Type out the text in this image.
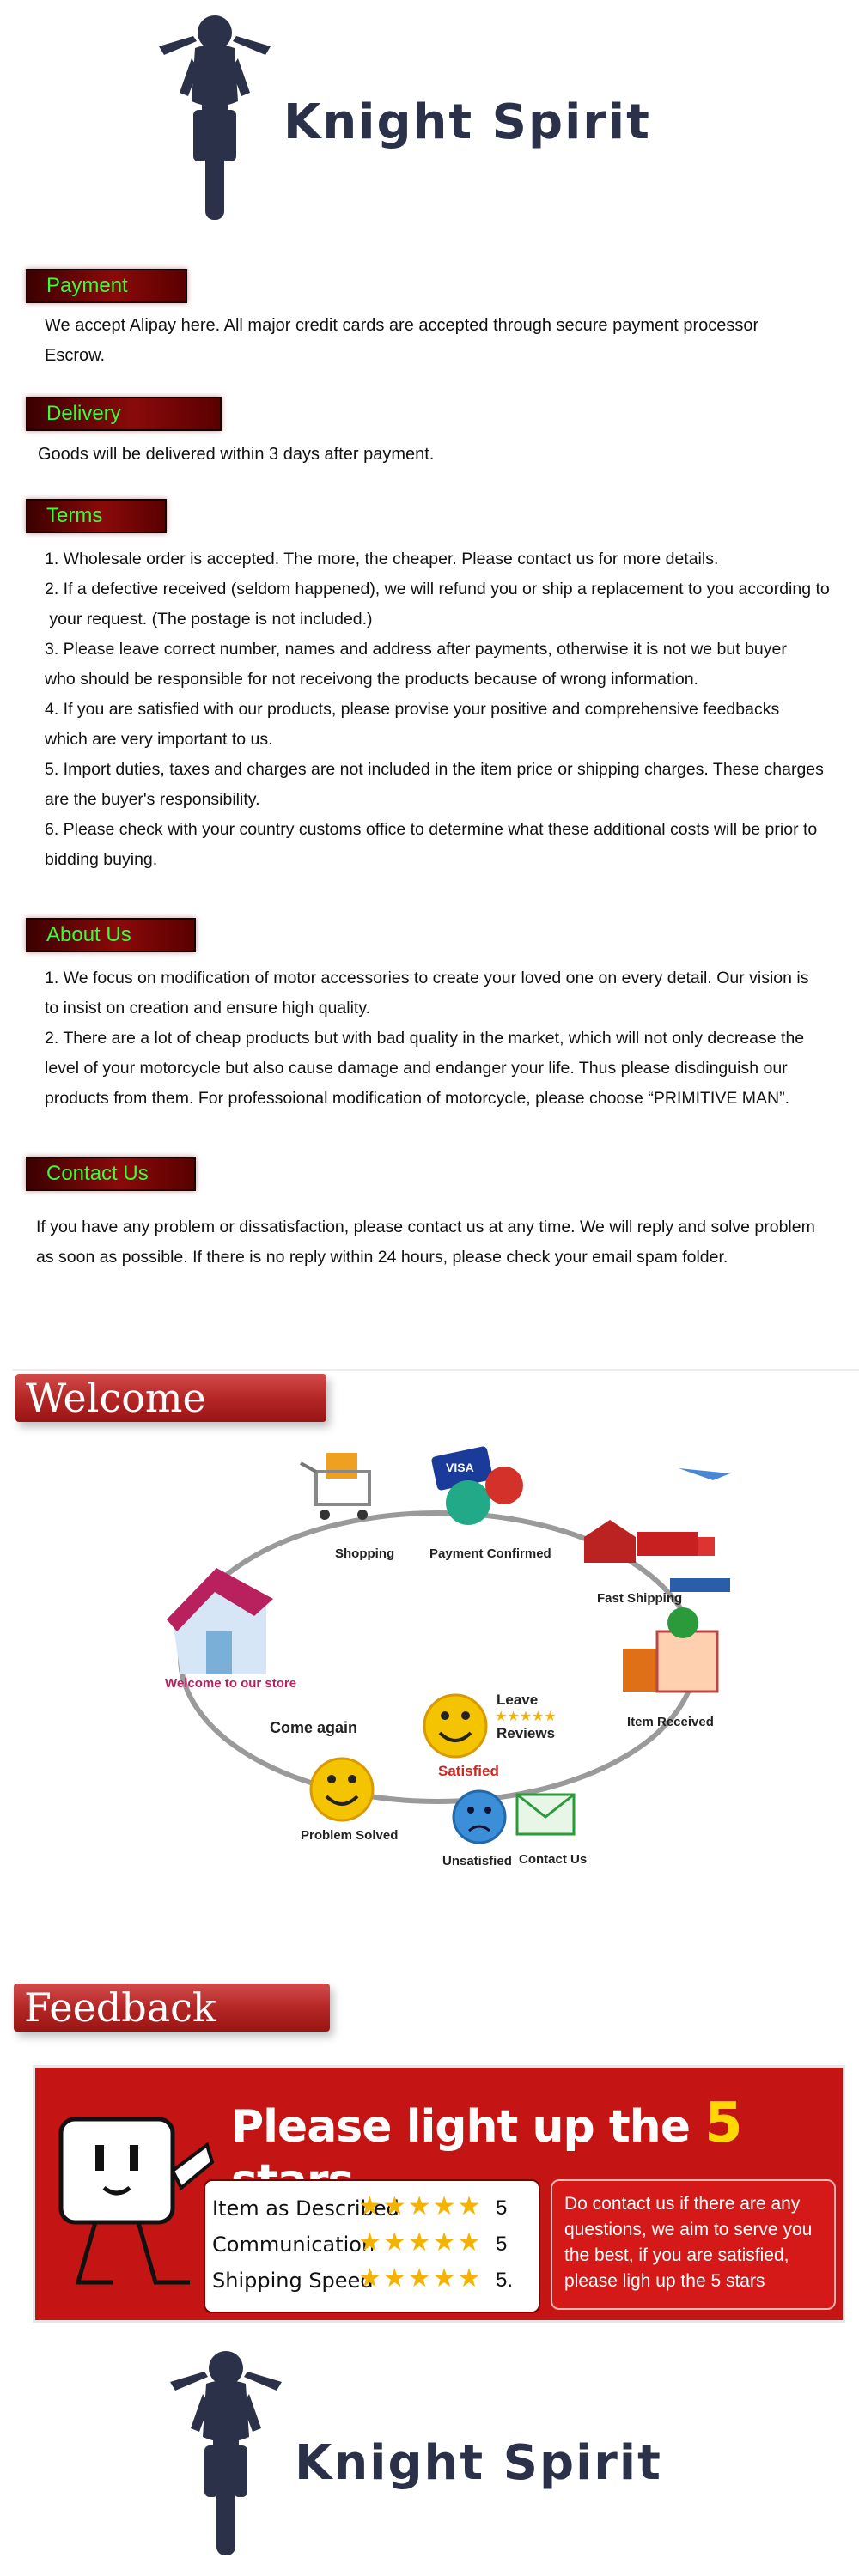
Knight Spirit
Payment

We accept Alipay here. All major credit cards are accepted through secure payment processor

Escrow.

Delivery

Goods will be delivered within 3 days after payment.

Terms

1. Wholesale order is accepted. The more, the cheaper. Please contact us for more details.

2. If a defective received (seldom happened), we will refund you or ship a replacement to you according to

your request. (The postage is not included.)

3. Please leave correct number, names and address after payments, otherwise it is not we but buyer

who should be responsible for not receivong the products because of wrong information.

4. If you are satisfied with our products, please provise your positive and comprehensive feedbacks

which are very important to us.

5. Import duties, taxes and charges are not included in the item price or shipping charges. These charges

are the buyer's responsibility.

6. Please check with your country customs office to determine what these additional costs will be prior to

bidding buying.

About Us

1. We focus on modification of motor accessories to create your loved one on every detail. Our vision is

to insist on creation and ensure high quality.

2. There are a lot of cheap products but with bad quality in the market, which will not only decrease the

level of your motorcycle but also cause damage and endanger your life. Thus please disdinguish our

products from them. For professoional modification of motorcycle, please choose “PRIMITIVE MAN”.

Contact Us

If you have any problem or dissatisfaction, please contact us at any time. We will reply and solve problem

as soon as possible. If there is no reply within 24 hours, please check your email spam folder.

Welcome
Shopping
VISA
Payment Confirmed
Fast Shipping
Welcome to our store
Item Received
Leave
★★★★★
Reviews
Come again
Satisfied
Problem Solved
Unsatisfied Contact Us
Feedback
Please light up the 5
Item as Described
★★★★★ 5
Communication
★★★★★ 5
Shipping Speed
★★★★★ 5.
Do contact us if there are any questions, we aim to serve you the best, if you are satisfied, please ligh up the 5 stars
Knight Spirit
